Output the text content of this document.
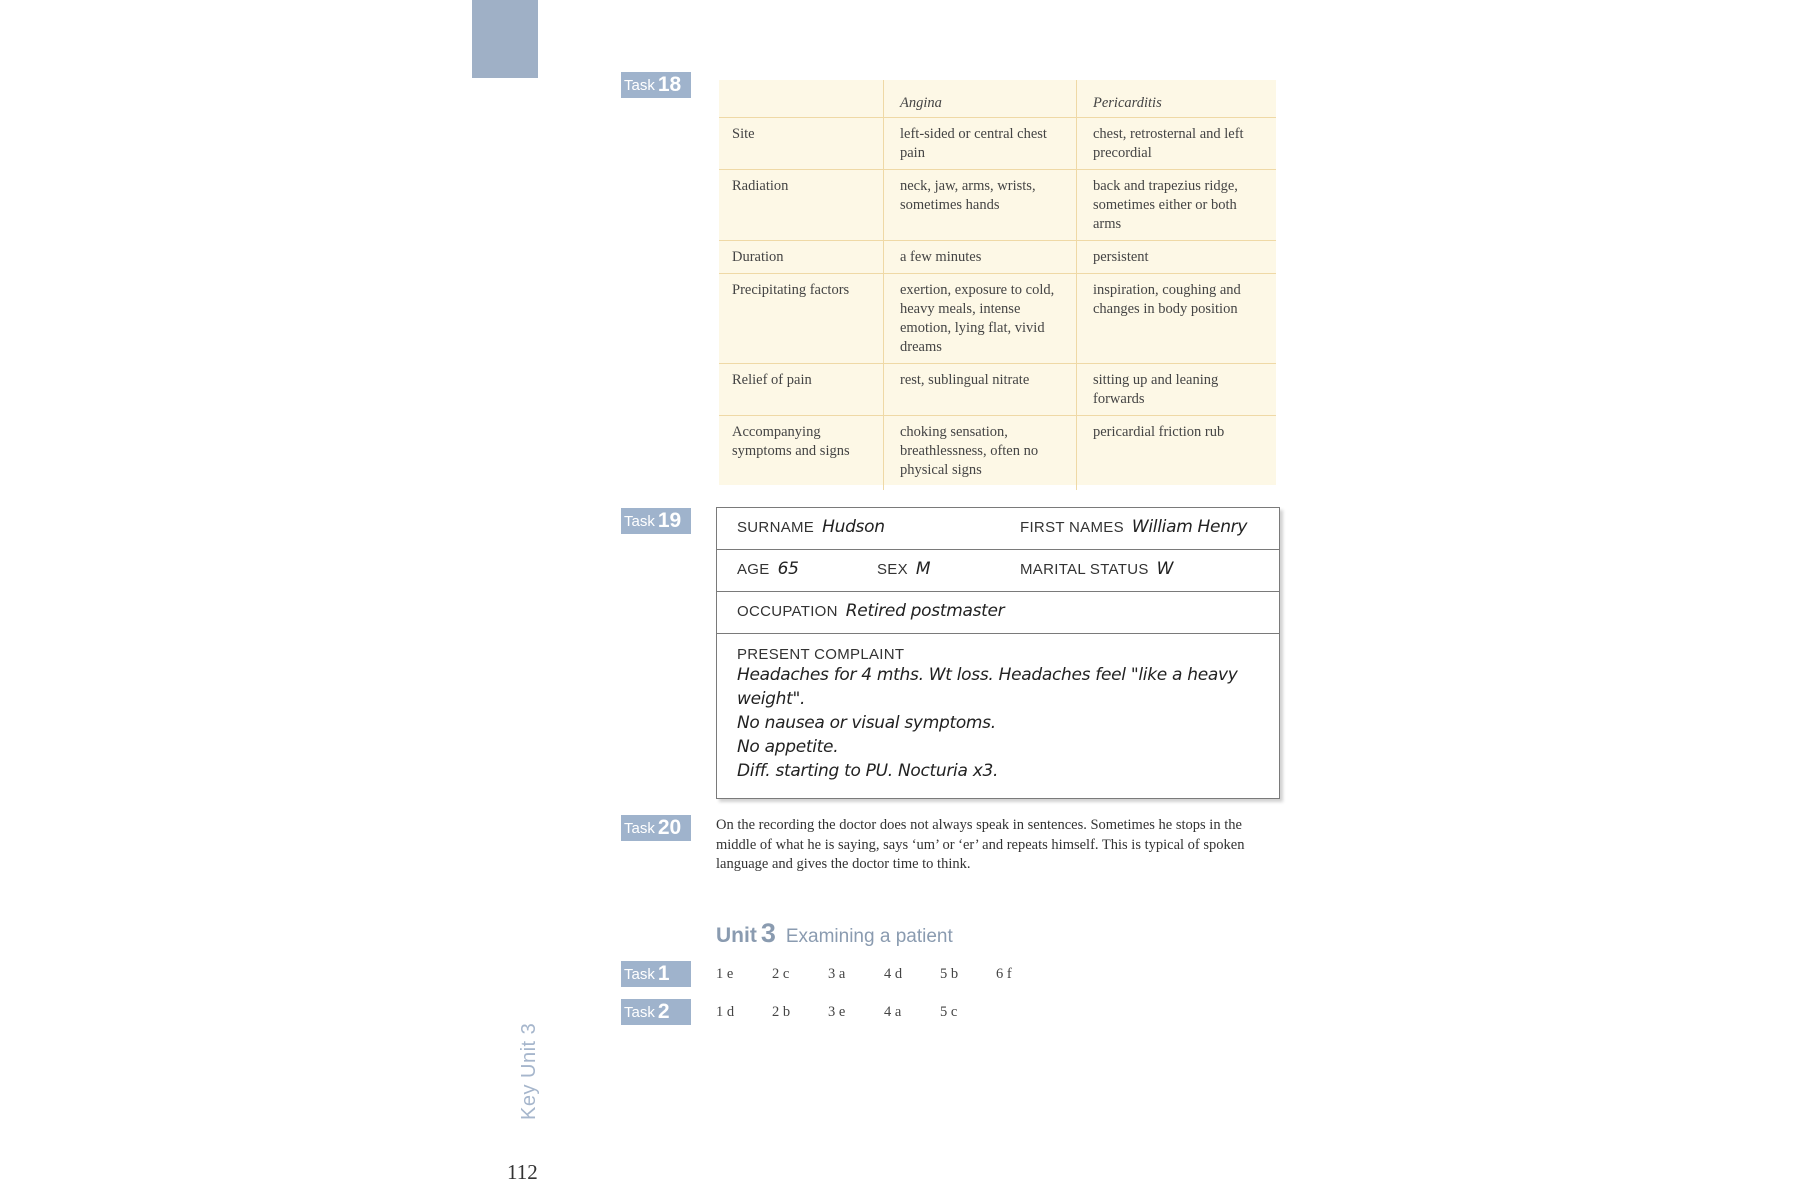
Task 18
	Angina	Pericarditis
Site	left-sided or central chest pain	chest, retrosternal and left precordial
Radiation	neck, jaw, arms, wrists, sometimes hands	back and trapezius ridge, sometimes either or both arms
Duration	a few minutes	persistent
Precipitating factors	exertion, exposure to cold, heavy meals, intense emotion, lying flat, vivid dreams	inspiration, coughing and changes in body position
Relief of pain	rest, sublingual nitrate	sitting up and leaning forwards
Accompanying symptoms and signs	choking sensation, breathlessness, often no physical signs	pericardial friction rub
Task 19	SURNAME Hudson	FIRST NAMES William Henry
AGE 65	SEX M	MARITAL STATUS W
OCCUPATION Retired postmaster
PRESENT COMPLAINT
Headaches for 4 mths. Wt loss. Headaches feel "like a heavy
weight".
No nausea or visual symptoms.
No appetite.
Diff. starting to PU. Nocturia x3.
Task 20 On the recording the doctor does not always speak in sentences. Sometimes he stops in the middle of what he is saying, says ‘um’ or ‘er’ and repeats himself. This is typical of spoken language and gives the doctor time to think.
Unit 3 Examining a patient
Task 1	1 e	2 c	3 a	4 d	5 b	6 f
Task 2	1 d	2 b	3 e	4 a	5 c
Key Unit 3
112
